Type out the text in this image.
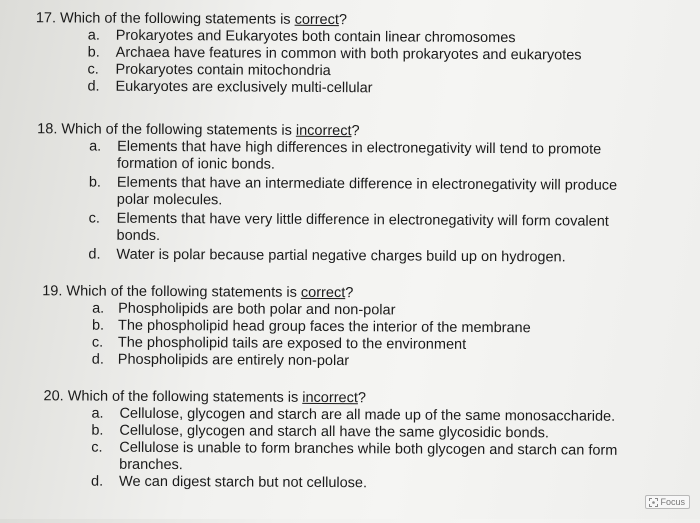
17. Which of the following statements is correct?
a. Prokaryotes and Eukaryotes both contain linear chromosomes
b. Archaea have features in common with both prokaryotes and eukaryotes
c. Prokaryotes contain mitochondria
d. Eukaryotes are exclusively multi-cellular
18. Which of the following statements is incorrect?
a. Elements that have high differences in electronegativity will tend to promote
formation of ionic bonds.
b. Elements that have an intermediate difference in electronegativity will produce
polar molecules.
c. Elements that have very little difference in electronegativity will form covalent
bonds.
d. Water is polar because partial negative charges build up on hydrogen.
19. Which of the following statements is correct?
a. Phospholipids are both polar and non-polar
b. The phospholipid head group faces the interior of the membrane
c. The phospholipid tails are exposed to the environment
d. Phospholipids are entirely non-polar
20. Which of the following statements is incorrect?
a. Cellulose, glycogen and starch are all made up of the same monosaccharide.
b. Cellulose, glycogen and starch all have the same glycosidic bonds.
c. Cellulose is unable to form branches while both glycogen and starch can form
branches.
d. We can digest starch but not cellulose.
Focus
